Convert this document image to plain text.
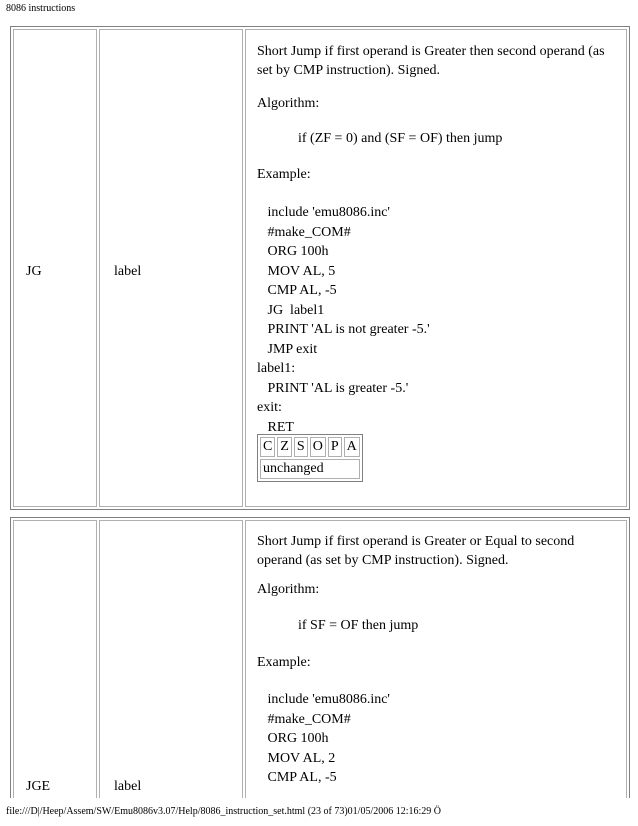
8086 instructions
JG	label

Short Jump if first operand is Greater then second operand (as set by CMP instruction). Signed.

Algorithm:
if (ZF = 0) and (SF = OF) then jump
Example:
include 'emu8086.inc'
#make_COM#
ORG 100h
MOV AL, 5
CMP AL, -5
JG  label1
PRINT 'AL is not greater -5.'
JMP exit
label1:
PRINT 'AL is greater -5.'
exit:
RET
C	Z	S	O	P	A
unchanged
JGE	label

Short Jump if first operand is Greater or Equal to second operand (as set by CMP instruction). Signed.

Algorithm:
if SF = OF then jump
Example:
include 'emu8086.inc'
#make_COM#
ORG 100h
MOV AL, 2
CMP AL, -5
file:///D|/Heep/Assem/SW/Emu8086v3.07/Help/8086_instruction_set.html (23 of 73)01/05/2006 12:16:29 Ö
